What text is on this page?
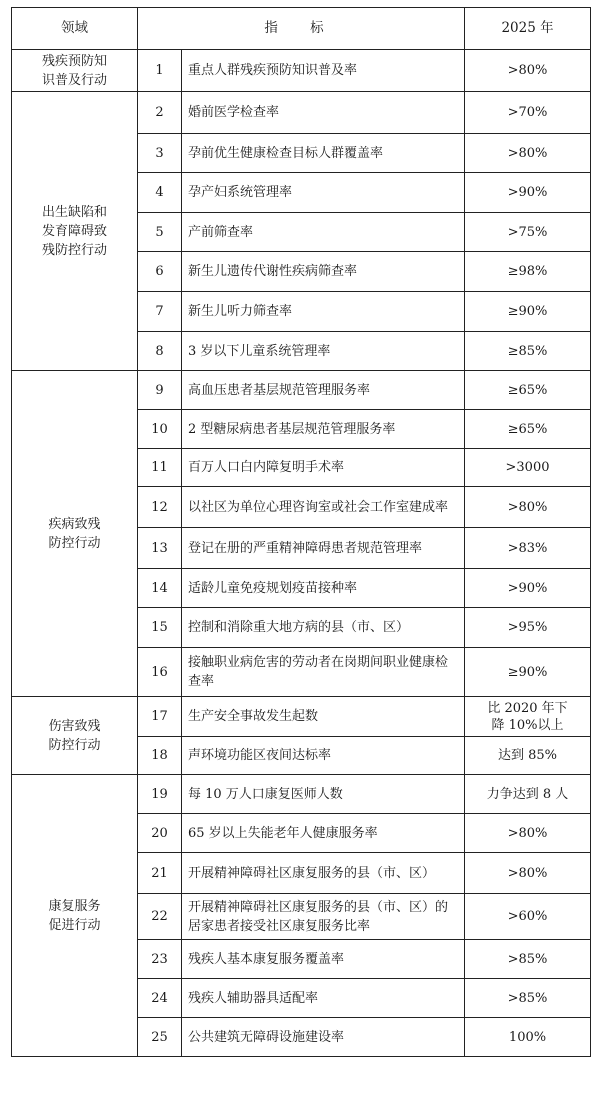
领域	指 标		2025 年
残疾预防知
识普及行动	1	重点人群残疾预防知识普及率	>80%
出生缺陷和
发育障碍致
残防控行动	2	婚前医学检查率	>70%
	3	孕前优生健康检查目标人群覆盖率	>80%
	4	孕产妇系统管理率	>90%
	5	产前筛查率	>75%
	6	新生儿遗传代谢性疾病筛查率	≥98%
	7	新生儿听力筛查率	≥90%
	8	3 岁以下儿童系统管理率	≥85%
疾病致残
防控行动	9	高血压患者基层规范管理服务率	≥65%
	10	2 型糖尿病患者基层规范管理服务率	≥65%
	11	百万人口白内障复明手术率	>3000
	12	以社区为单位心理咨询室或社会工作室建成率	>80%
	13	登记在册的严重精神障碍患者规范管理率	>83%
	14	适龄儿童免疫规划疫苗接种率	>90%
	15	控制和消除重大地方病的县（市、区）	>95%
	16	接触职业病危害的劳动者在岗期间职业健康检查率	≥90%
伤害致残
防控行动	17	生产安全事故发生起数	比 2020 年下降 10%以上
	18	声环境功能区夜间达标率	达到 85%
康复服务
促进行动	19	每 10 万人口康复医师人数	力争达到 8 人
	20	65 岁以上失能老年人健康服务率	>80%
	21	开展精神障碍社区康复服务的县（市、区）	>80%
	22	开展精神障碍社区康复服务的县（市、区）的居家患者接受社区康复服务比率	>60%
	23	残疾人基本康复服务覆盖率	>85%
	24	残疾人辅助器具适配率	>85%
	25	公共建筑无障碍设施建设率	100%
